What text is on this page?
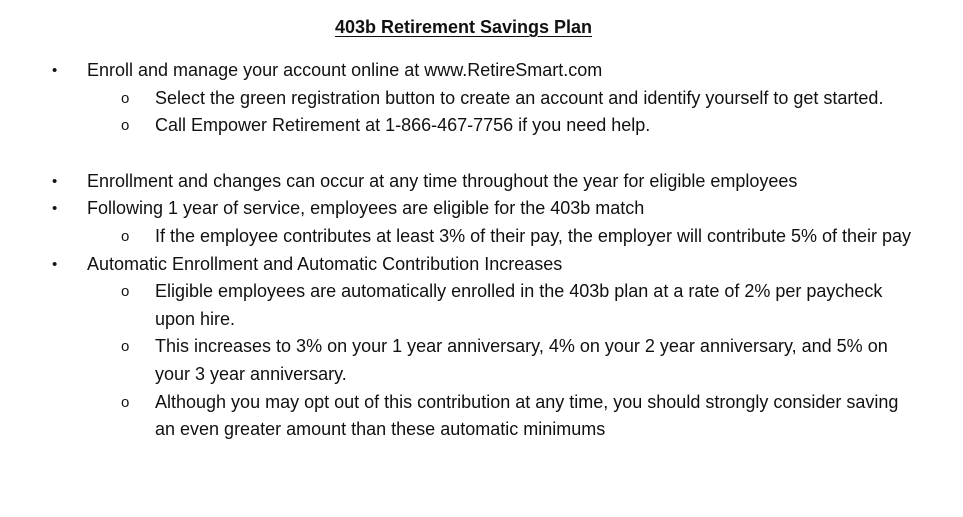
403b Retirement Savings Plan
• Enroll and manage your account online at www.RetireSmart.com
o Select the green registration button to create an account and identify yourself to get started.
o Call Empower Retirement at 1-866-467-7756 if you need help.
• Enrollment and changes can occur at any time throughout the year for eligible employees
• Following 1 year of service, employees are eligible for the 403b match
o If the employee contributes at least 3% of their pay, the employer will contribute 5% of their pay
• Automatic Enrollment and Automatic Contribution Increases
o Eligible employees are automatically enrolled in the 403b plan at a rate of 2% per paycheck upon hire.
o This increases to 3% on your 1 year anniversary, 4% on your 2 year anniversary, and 5% on your 3 year anniversary.
o Although you may opt out of this contribution at any time, you should strongly consider saving an even greater amount than these automatic minimums
